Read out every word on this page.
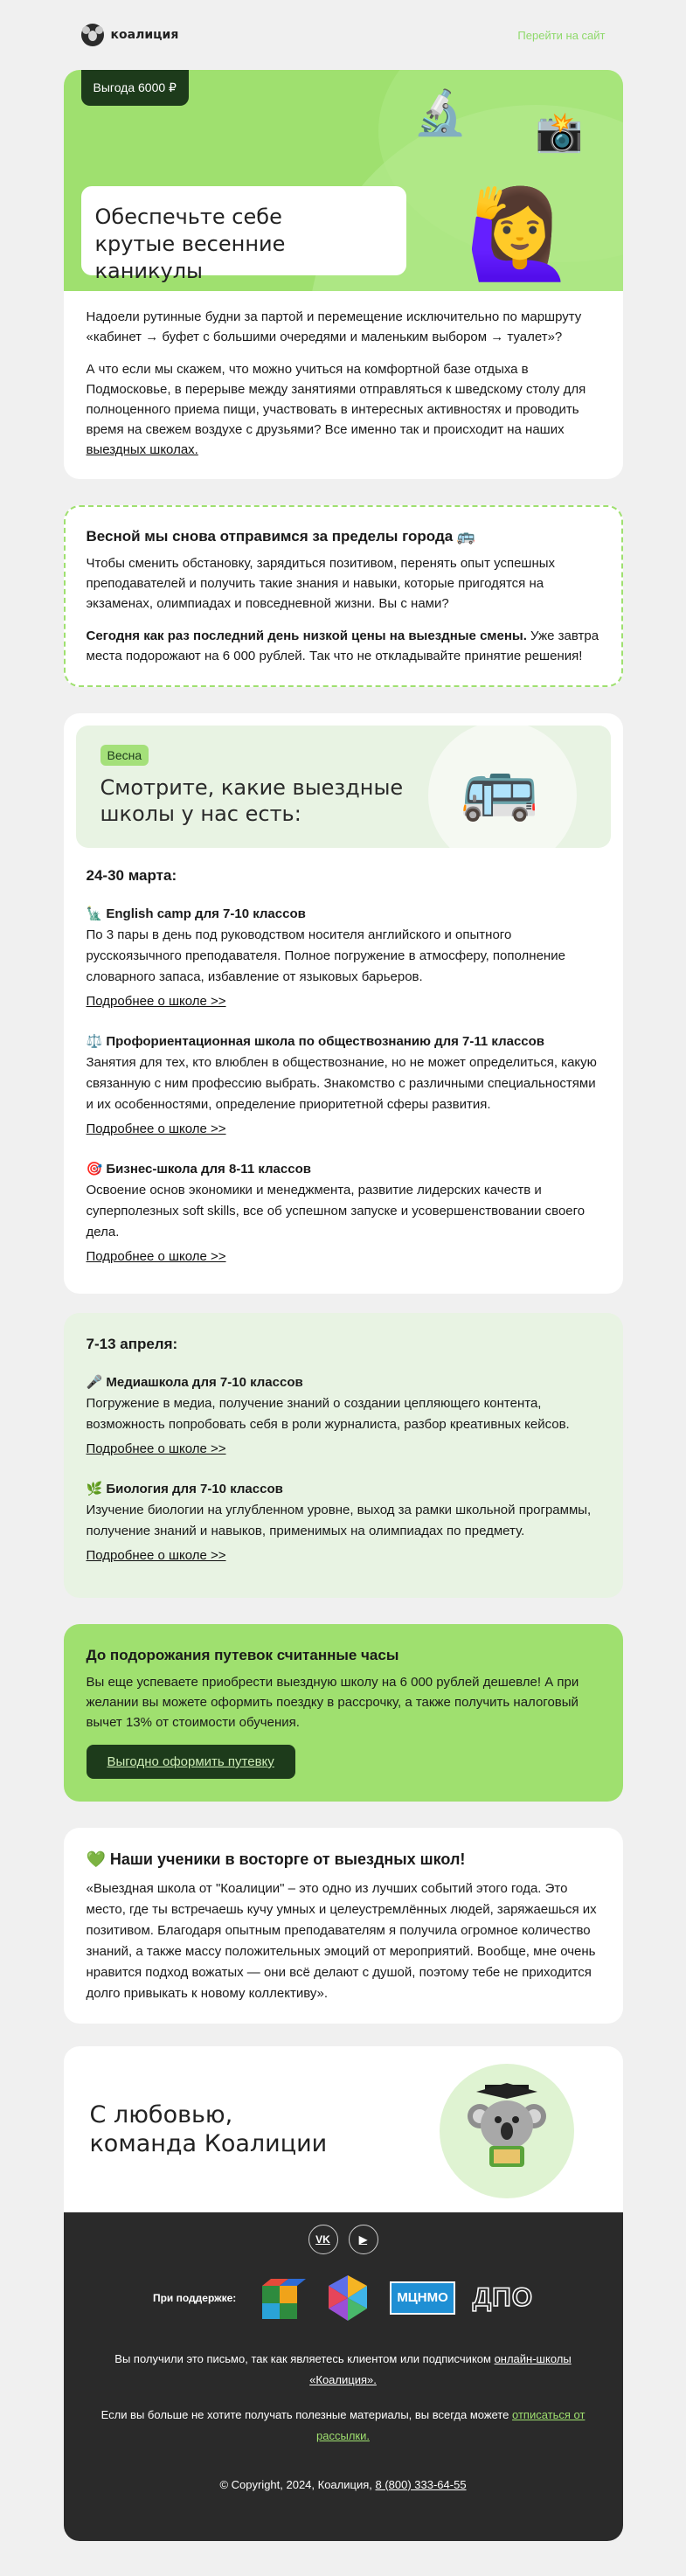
коалиция	Перейти на сайт
Выгода 6000 ₽
🔬 📸
🙋‍♀️
Обеспечьте себе
крутые весенние каникулы

Надоели рутинные будни за партой и перемещение исключительно по маршруту «кабинет → буфет с большими очередями и маленьким выбором → туалет»?

А что если мы скажем, что можно учиться на комфортной базе отдыха в Подмосковье, в перерыве между занятиями отправляться к шведскому столу для полноценного приема пищи, участвовать в интересных активностях и проводить время на свежем воздухе с друзьями? Все именно так и происходит на наших выездных школах.

Весной мы снова отправимся за пределы города 🚌

Чтобы сменить обстановку, зарядиться позитивом, перенять опыт успешных преподавателей и получить такие знания и навыки, которые пригодятся на экзаменах, олимпиадах и повседневной жизни. Вы с нами?

Сегодня как раз последний день низкой цены на выездные смены. Уже завтра места подорожают на 6 000 рублей. Так что не откладывайте принятие решения!

Весна
Смотрите, какие выездные школы у нас есть:	🚌
24-30 марта:
🗽 English camp для 7-10 классов
По 3 пары в день под руководством носителя английского и опытного русскоязычного преподавателя. Полное погружение в атмосферу, пополнение словарного запаса, избавление от языковых барьеров.
Подробнее о школе >>
⚖️ Профориентационная школа по обществознанию для 7-11 классов
Занятия для тех, кто влюблен в обществознание, но не может определиться, какую связанную с ним профессию выбрать. Знакомство с различными специальностями и их особенностями, определение приоритетной сферы развития.
Подробнее о школе >>
🎯 Бизнес-школа для 8-11 классов
Освоение основ экономики и менеджмента, развитие лидерских качеств и суперполезных soft skills, все об успешном запуске и усовершенствовании своего дела.
Подробнее о школе >>
7-13 апреля:
🎤 Медиашкола для 7-10 классов
Погружение в медиа, получение знаний о создании цепляющего контента, возможность попробовать себя в роли журналиста, разбор креативных кейсов.
Подробнее о школе >>
🌿 Биология для 7-10 классов
Изучение биологии на углубленном уровне, выход за рамки школьной программы, получение знаний и навыков, применимых на олимпиадах по предмету.
Подробнее о школе >>
До подорожания путевок считанные часы

Вы еще успеваете приобрести выездную школу на 6 000 рублей дешевле! А при желании вы можете оформить поездку в рассрочку, а также получить налоговый вычет 13% от стоимости обучения.

Выгодно оформить путевку
💚 Наши ученики в восторге от выездных школ!

«Выездная школа от "Коалиции" – это одно из лучших событий этого года. Это место, где ты встречаешь кучу умных и целеустремлённых людей, заряжаешься их позитивом. Благодаря опытным преподавателям я получила огромное количество знаний, а также массу положительных эмоций от мероприятий. Вообще, мне очень нравится подход вожатых — они всё делают с душой, поэтому тебе не приходится долго привыкать к новому коллективу».

С любовью,
команда Коалиции
VK	▶
При поддержке:	МЦНМО ДПО

Вы получили это письмо, так как являетесь клиентом или подписчиком онлайн-школы «Коалиция».

Если вы больше не хотите получать полезные материалы, вы всегда можете отписаться от рассылки.

© Copyright, 2024, Коалиция, 8 (800) 333-64-55
